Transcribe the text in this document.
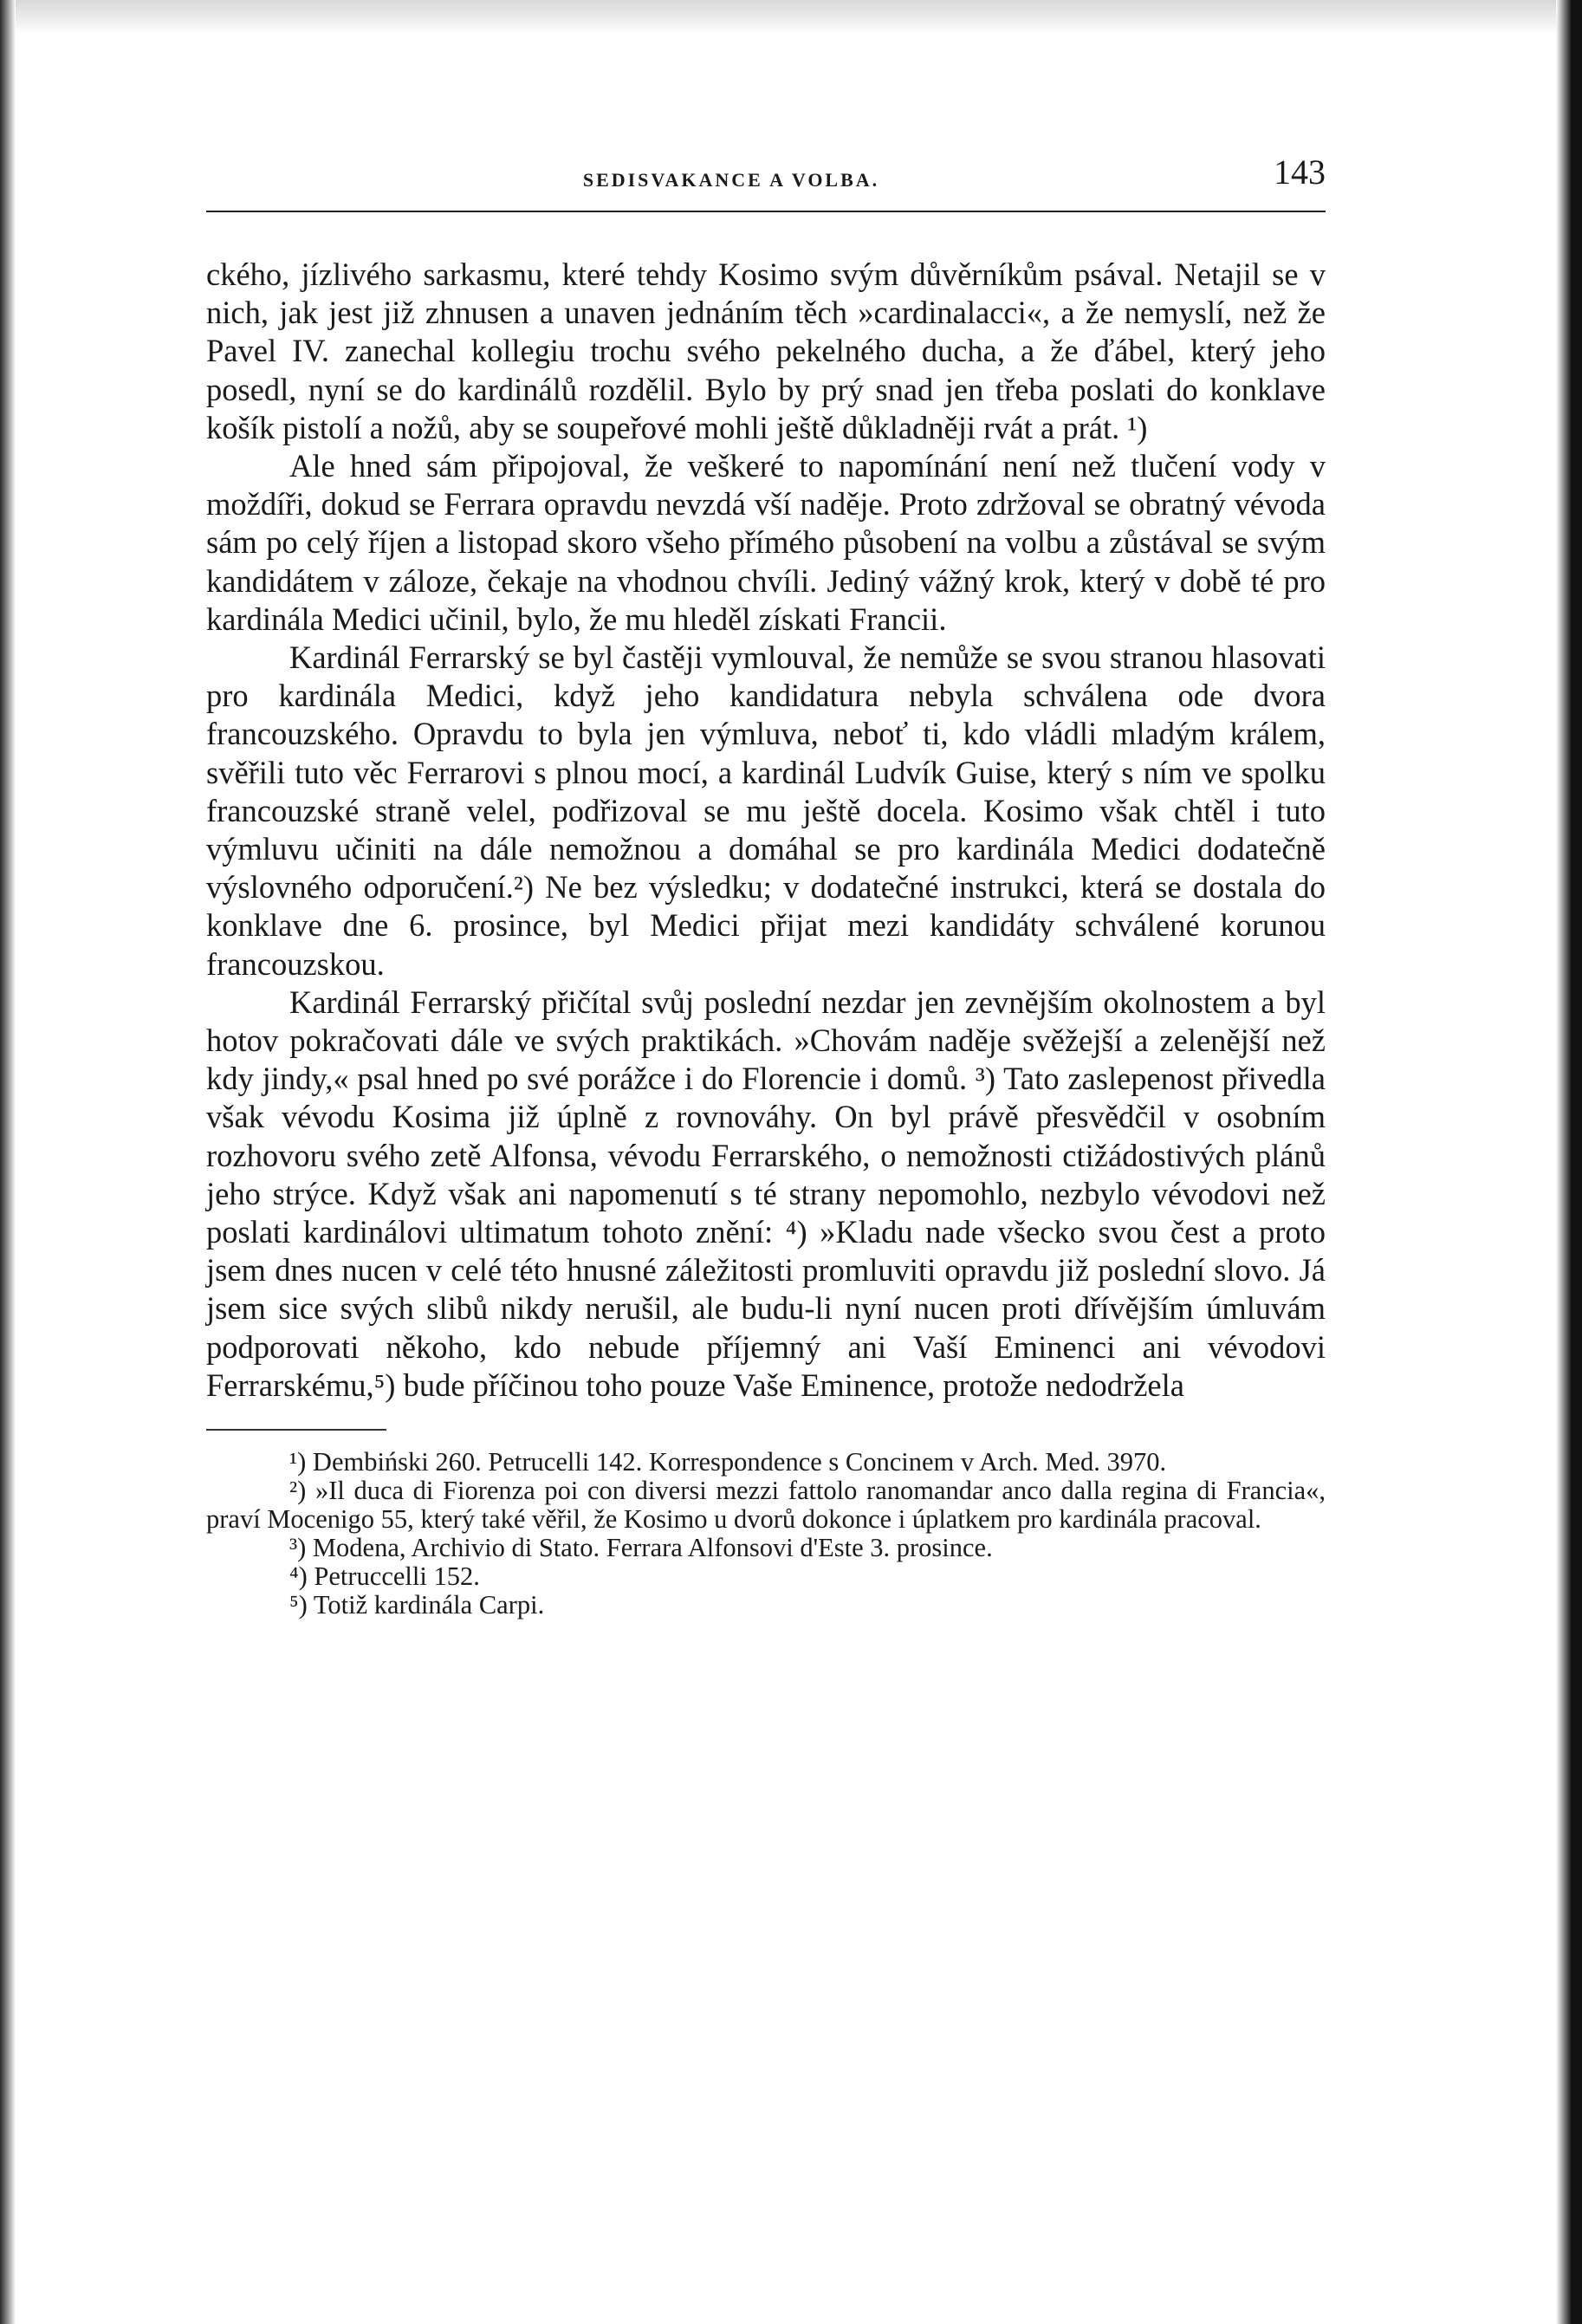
SEDISVAKANCE A VOLBA.	143

ckého, jízlivého sarkasmu, které tehdy Kosimo svým důvěrníkům psával. Netajil se v nich, jak jest již zhnusen a unaven jednáním těch »cardinalacci«, a že nemyslí, než že Pavel IV. zanechal kollegiu trochu svého pekelného ducha, a že ďábel, který jeho posedl, nyní se do kardinálů rozdělil. Bylo by prý snad jen třeba poslati do konklave košík pistolí a nožů, aby se soupeřové mohli ještě důkladněji rvát a prát. ¹)

Ale hned sám připojoval, že veškeré to napomínání není než tlučení vody v moždíři, dokud se Ferrara opravdu nevzdá vší naděje. Proto zdržoval se obratný vévoda sám po celý říjen a listopad skoro všeho přímého působení na volbu a zůstával se svým kandidátem v záloze, čekaje na vhodnou chvíli. Jediný vážný krok, který v době té pro kardinála Medici učinil, bylo, že mu hleděl získati Francii.

Kardinál Ferrarský se byl častěji vymlouval, že nemůže se svou stranou hlasovati pro kardinála Medici, když jeho kandidatura nebyla schválena ode dvora francouzského. Opravdu to byla jen výmluva, neboť ti, kdo vládli mladým králem, svěřili tuto věc Ferrarovi s plnou mocí, a kardinál Ludvík Guise, který s ním ve spolku francouzské straně velel, podřizoval se mu ještě docela. Kosimo však chtěl i tuto výmluvu učiniti na dále nemožnou a domáhal se pro kardinála Medici dodatečně výslovného odporučení.²) Ne bez výsledku; v dodatečné instrukci, která se dostala do konklave dne 6. prosince, byl Medici přijat mezi kandidáty schválené korunou francouzskou.

Kardinál Ferrarský přičítal svůj poslední nezdar jen zevnějším okolnostem a byl hotov pokračovati dále ve svých praktikách. »Chovám naděje svěžejší a zelenější než kdy jindy,« psal hned po své porážce i do Florencie i domů. ³) Tato zaslepenost přivedla však vévodu Kosima již úplně z rovnováhy. On byl právě přesvědčil v osobním rozhovoru svého zetě Alfonsa, vévodu Ferrarského, o nemožnosti ctižádostivých plánů jeho strýce. Když však ani napomenutí s té strany nepomohlo, nezbylo vévodovi než poslati kardinálovi ultimatum tohoto znění: ⁴) »Kladu nade všecko svou čest a proto jsem dnes nucen v celé této hnusné záležitosti promluviti opravdu již poslední slovo. Já jsem sice svých slibů nikdy nerušil, ale budu-li nyní nucen proti dřívějším úmluvám podporovati někoho, kdo nebude příjemný ani Vaší Eminenci ani vévodovi Ferrarskému,⁵) bude příčinou toho pouze Vaše Eminence, protože nedodržela

¹) Dembiński 260. Petrucelli 142. Korrespondence s Concinem v Arch. Med. 3970.

²) »Il duca di Fiorenza poi con diversi mezzi fattolo ranomandar anco dalla regina di Francia«, praví Mocenigo 55, který také věřil, že Kosimo u dvorů dokonce i úplatkem pro kardinála pracoval.

³) Modena, Archivio di Stato. Ferrara Alfonsovi d'Este 3. prosince.

⁴) Petruccelli 152.

⁵) Totiž kardinála Carpi.
